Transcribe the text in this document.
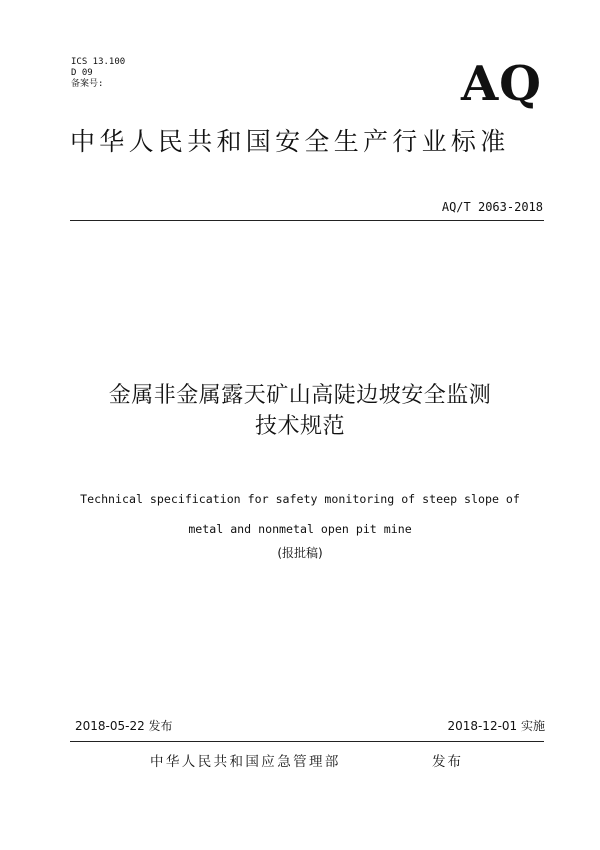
ICS 13.100
D 09
备案号:	AQ
中华人民共和国安全生产行业标准
AQ/T 2063-2018
金属非金属露天矿山高陡边坡安全监测
技术规范
Technical specification for safety monitoring of steep slope of
metal and nonmetal open pit mine
(报批稿)
2018-05-22 发布	2018-12-01 实施
中华人民共和国应急管理部	发布
